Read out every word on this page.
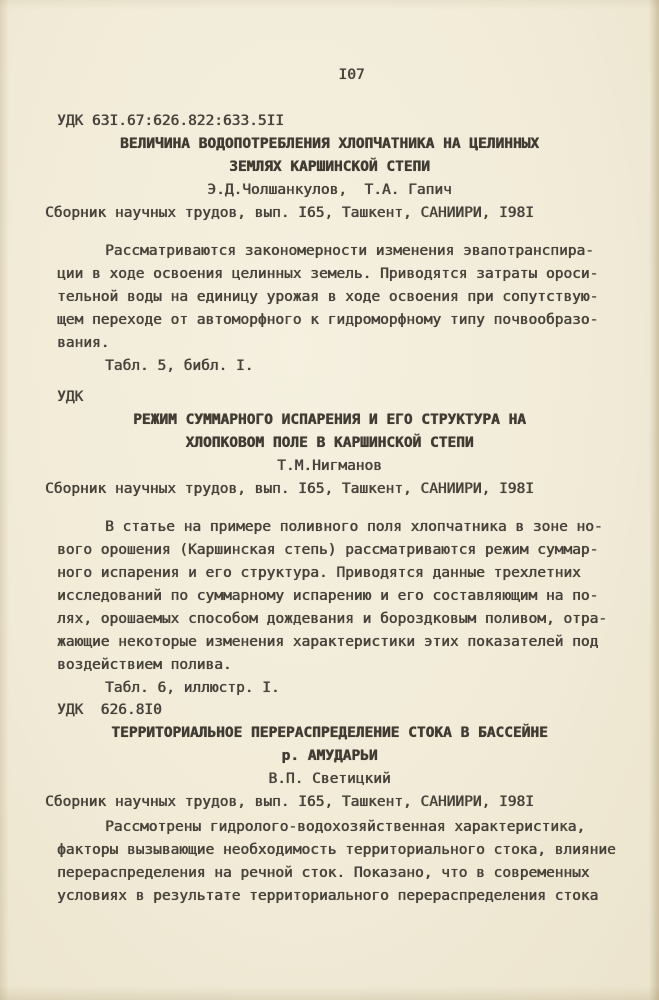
I07
УДК 63I.67:626.822:633.5II
ВЕЛИЧИНА ВОДОПОТРЕБЛЕНИЯ ХЛОПЧАТНИКА НА ЦЕЛИННЫХ
ЗЕМЛЯХ КАРШИНСКОЙ СТЕПИ
Э.Д.Чолшанкулов,  Т.А. Гапич
Сборник научных трудов, вып. I65, Ташкент, САНИИРИ, I98I
Рассматриваются закономерности изменения эвапотранспира-
ции в ходе освоения целинных земель. Приводятся затраты ороси-
тельной воды на единицу урожая в ходе освоения при сопутствую-
щем переходе от автоморфного к гидроморфному типу почвообразо-
вания.
Табл. 5, библ. I.
УДК
РЕЖИМ СУММАРНОГО ИСПАРЕНИЯ И ЕГО СТРУКТУРА НА
ХЛОПКОВОМ ПОЛЕ В КАРШИНСКОЙ СТЕПИ
Т.М.Нигманов
Сборник научных трудов, вып. I65, Ташкент, САНИИРИ, I98I
В статье на примере поливного поля хлопчатника в зоне но-
вого орошения (Каршинская степь) рассматриваются режим суммар-
ного испарения и его структура. Приводятся данные трехлетних
исследований по суммарному испарению и его составляющим на по-
лях, орошаемых способом дождевания и бороздковым поливом, отра-
жающие некоторые изменения характеристики этих показателей под
воздействием полива.
Табл. 6, иллюстр. I.
УДК  626.8I0
ТЕРРИТОРИАЛЬНОЕ ПЕРЕРАСПРЕДЕЛЕНИЕ СТОКА В БАССЕЙНЕ
р. АМУДАРЬИ
В.П. Светицкий
Сборник научных трудов, вып. I65, Ташкент, САНИИРИ, I98I
Рассмотрены гидролого-водохозяйственная характеристика,
факторы вызывающие необходимость территориального стока, влияние
перераспределения на речной сток. Показано, что в современных
условиях в результате территориального перераспределения стока
